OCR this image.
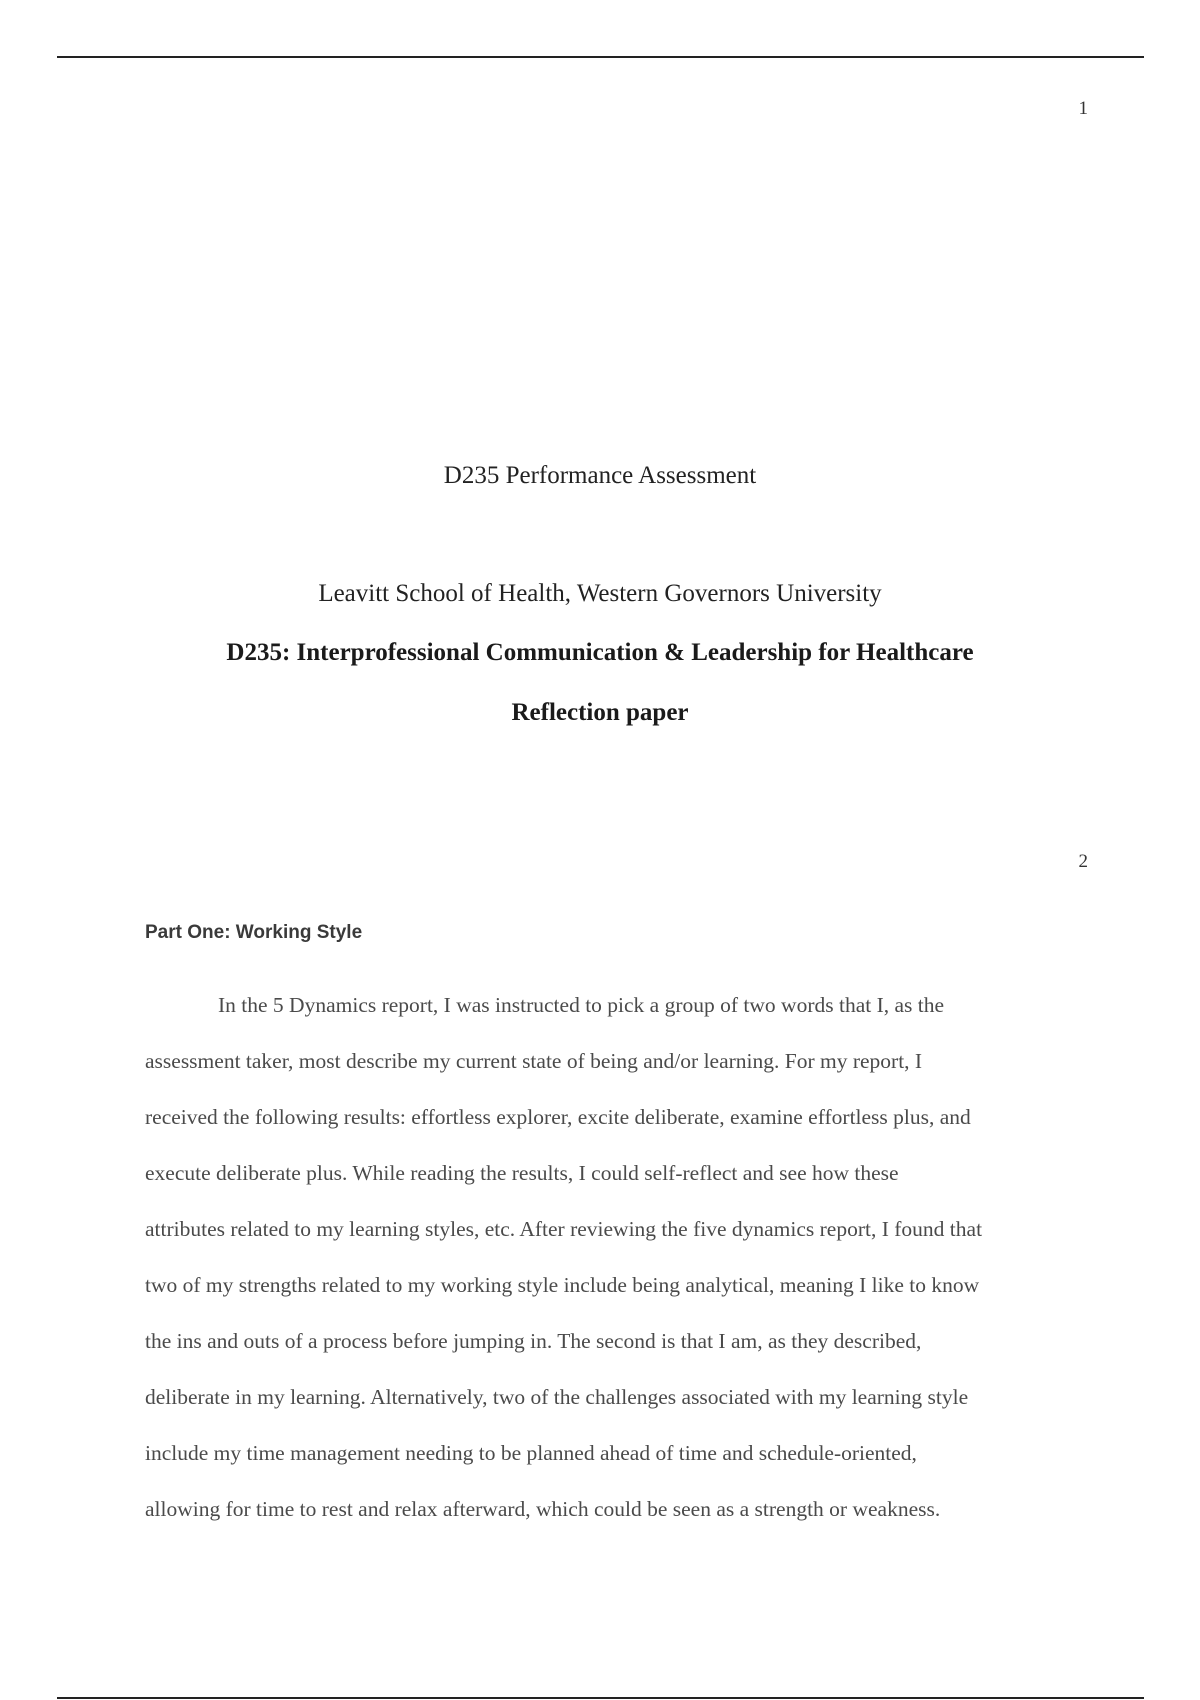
1
D235 Performance Assessment
Leavitt School of Health, Western Governors University
D235: Interprofessional Communication & Leadership for Healthcare
Reflection paper
2
Part One: Working Style
In the 5 Dynamics report, I was instructed to pick a group of two words that I, as the
assessment taker, most describe my current state of being and/or learning. For my report, I
received the following results: effortless explorer, excite deliberate, examine effortless plus, and
execute deliberate plus. While reading the results, I could self-reflect and see how these
attributes related to my learning styles, etc. After reviewing the five dynamics report, I found that
two of my strengths related to my working style include being analytical, meaning I like to know
the ins and outs of a process before jumping in. The second is that I am, as they described,
deliberate in my learning. Alternatively, two of the challenges associated with my learning style
include my time management needing to be planned ahead of time and schedule-oriented,
allowing for time to rest and relax afterward, which could be seen as a strength or weakness.
